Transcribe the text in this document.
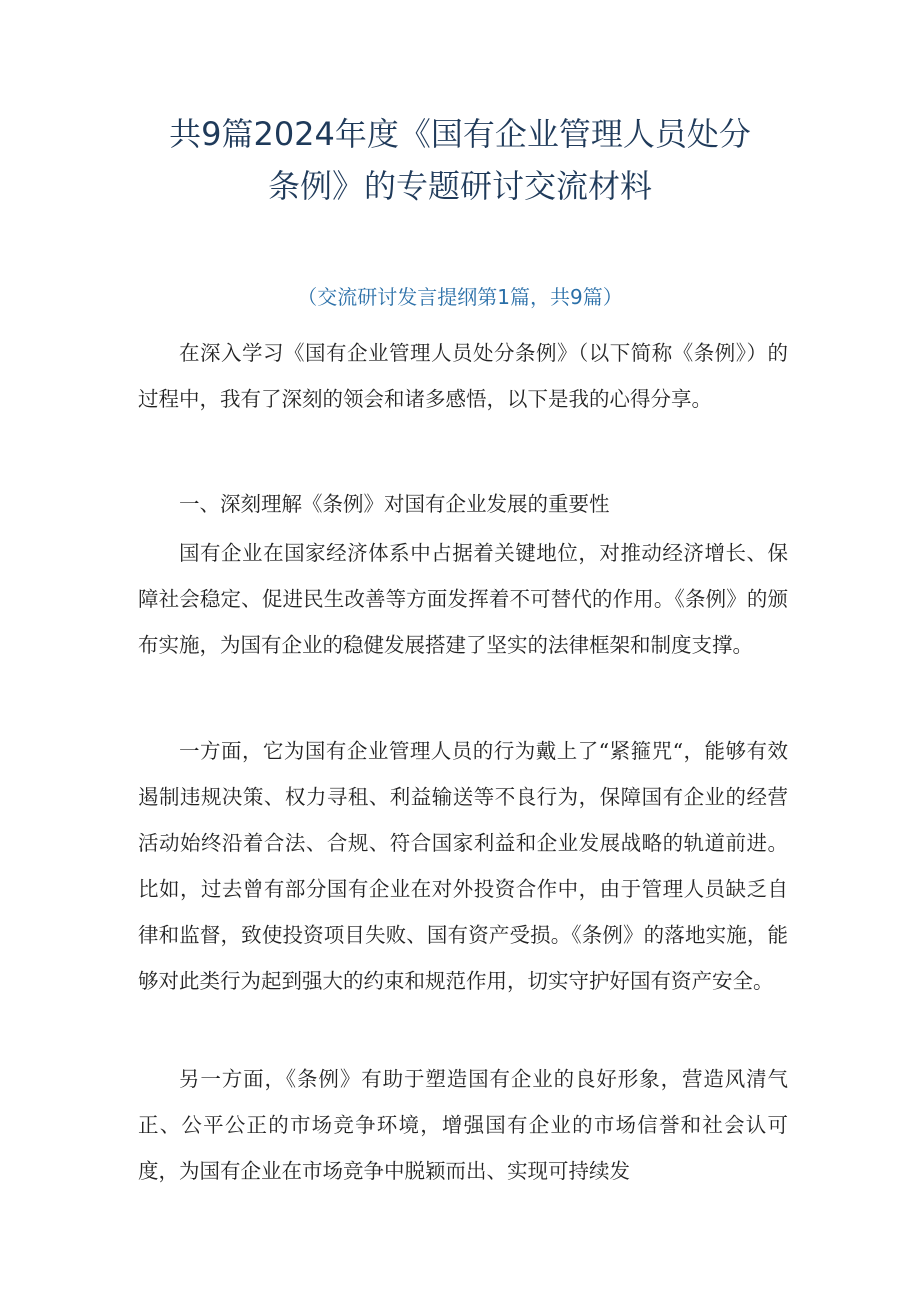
共9篇2024年度《国有企业管理人员处分
条例》的专题研讨交流材料
（交流研讨发言提纲第1篇，共9篇）

在深入学习《国有企业管理人员处分条例》（以下简称《条例》）的过程中，我有了深刻的领会和诸多感悟，以下是我的心得分享。

一、深刻理解《条例》对国有企业发展的重要性

国有企业在国家经济体系中占据着关键地位，对推动经济增长、保障社会稳定、促进民生改善等方面发挥着不可替代的作用。《条例》的颁布实施，为国有企业的稳健发展搭建了坚实的法律框架和制度支撑。

一方面，它为国有企业管理人员的行为戴上了“紧箍咒“，能够有效遏制违规决策、权力寻租、利益输送等不良行为，保障国有企业的经营活动始终沿着合法、合规、符合国家利益和企业发展战略的轨道前进。比如，过去曾有部分国有企业在对外投资合作中，由于管理人员缺乏自律和监督，致使投资项目失败、国有资产受损。《条例》的落地实施，能够对此类行为起到强大的约束和规范作用，切实守护好国有资产安全。

另一方面，《条例》有助于塑造国有企业的良好形象，营造风清气正、公平公正的市场竞争环境，增强国有企业的市场信誉和社会认可度，为国有企业在市场竞争中脱颖而出、实现可持续发
